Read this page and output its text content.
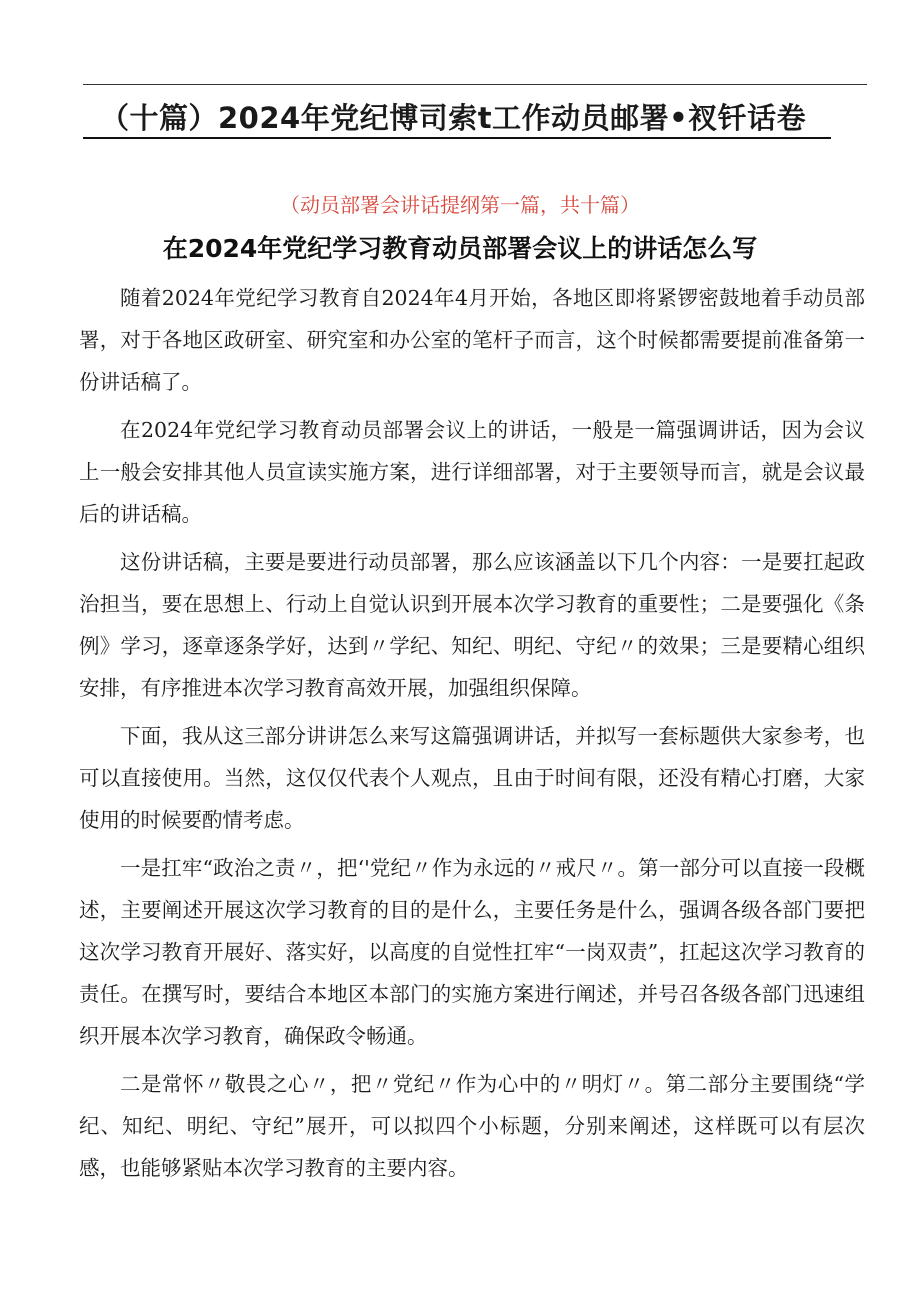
（十篇）2024年党纪博司索t工作动员邮署•衩钎话卷

（动员部署会讲话提纲第一篇，共十篇）

在2024年党纪学习教育动员部署会议上的讲话怎么写

随着2024年党纪学习教育自2024年4月开始，各地区即将紧锣密鼓地着手动员部署，对于各地区政研室、研究室和办公室的笔杆子而言，这个时候都需要提前准备第一份讲话稿了。

在2024年党纪学习教育动员部署会议上的讲话，一般是一篇强调讲话，因为会议上一般会安排其他人员宣读实施方案，进行详细部署，对于主要领导而言，就是会议最后的讲话稿。

这份讲话稿，主要是要进行动员部署，那么应该涵盖以下几个内容：一是要扛起政治担当，要在思想上、行动上自觉认识到开展本次学习教育的重要性；二是要强化《条例》学习，逐章逐条学好，达到〃学纪、知纪、明纪、守纪〃的效果；三是要精心组织安排，有序推进本次学习教育高效开展，加强组织保障。

下面，我从这三部分讲讲怎么来写这篇强调讲话，并拟写一套标题供大家参考，也可以直接使用。当然，这仅仅代表个人观点，且由于时间有限，还没有精心打磨，大家使用的时候要酌情考虑。

一是扛牢“政治之责〃，把‘'党纪〃作为永远的〃戒尺〃。第一部分可以直接一段概述，主要阐述开展这次学习教育的目的是什么，主要任务是什么，强调各级各部门要把这次学习教育开展好、落实好，以高度的自觉性扛牢“一岗双责”，扛起这次学习教育的责任。在撰写时，要结合本地区本部门的实施方案进行阐述，并号召各级各部门迅速组织开展本次学习教育，确保政令畅通。

二是常怀〃敬畏之心〃，把〃党纪〃作为心中的〃明灯〃。第二部分主要围绕“学纪、知纪、明纪、守纪”展开，可以拟四个小标题，分别来阐述，这样既可以有层次感，也能够紧贴本次学习教育的主要内容。
